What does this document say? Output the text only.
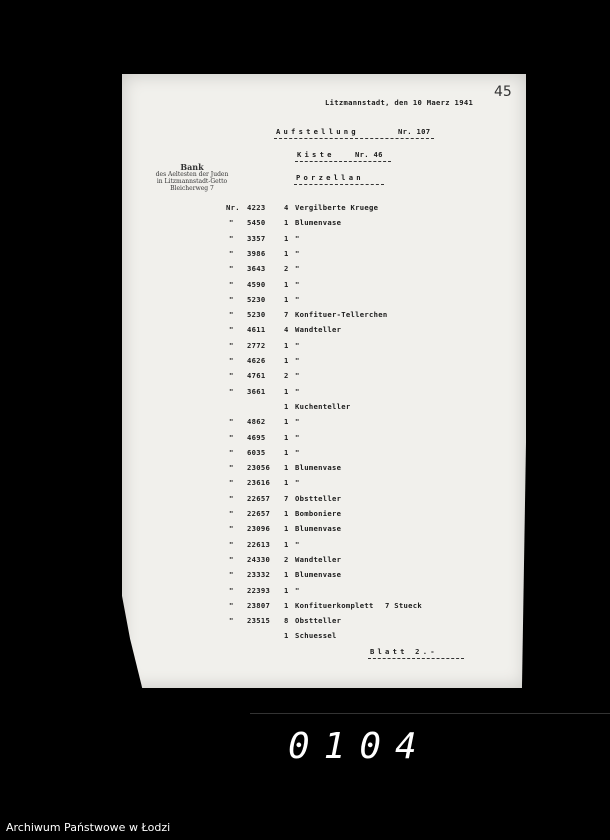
Litzmannstadt, den 10 Maerz 1941
45
Aufstellung	Nr. 107
Kiste	Nr. 46
Porzellan
Bank
des Aeltesten der Juden
in Litzmannstadt-Getto
Bleicherweg 7
Nr. 4223	4 Vergilberte Kruege
" 5450	1 Blumenvase
" 3357	1 "
" 3986	1 "
" 3643	2 "
" 4590	1 "
" 5230	1 "
" 5230	7 Konfituer-Tellerchen
" 4611	4 Wandteller
" 2772	1 "
" 4626	1 "
" 4761	2 "
" 3661	1 "
1 Kuchenteller
" 4862	1 "
" 4695	1 "
" 6035	1 "
" 23056 1 Blumenvase
" 23616 1 "
" 22657 7 Obstteller
" 22657 1 Bomboniere
" 23096 1 Blumenvase
" 22613 1 "
" 24330 2 Wandteller
" 23332 1 Blumenvase
" 22393 1 "
" 23807 1 Konfituerkomplett 7 Stueck
" 23515 8 Obstteller
1 Schuessel
Blatt 2.-
0104
Archiwum Państwowe w Łodzi
